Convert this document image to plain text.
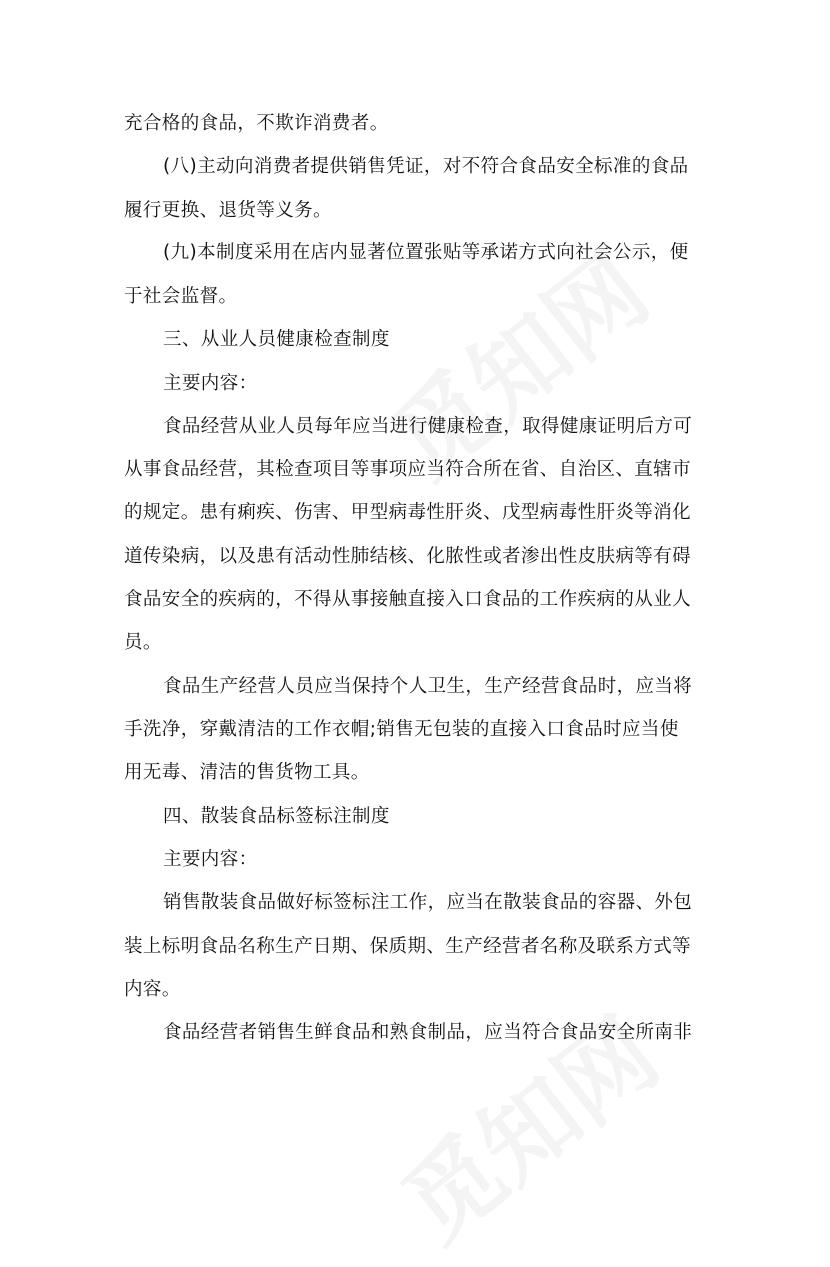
充合格的食品，不欺诈消费者。
(八)主动向消费者提供销售凭证，对不符合食品安全标准的食品
履行更换、退货等义务。
(九)本制度采用在店内显著位置张贴等承诺方式向社会公示，便
于社会监督。
三、从业人员健康检查制度
主要内容：
食品经营从业人员每年应当进行健康检查，取得健康证明后方可
从事食品经营，其检查项目等事项应当符合所在省、自治区、直辖市
的规定。患有痢疾、伤害、甲型病毒性肝炎、戊型病毒性肝炎等消化
道传染病，以及患有活动性肺结核、化脓性或者渗出性皮肤病等有碍
食品安全的疾病的，不得从事接触直接入口食品的工作疾病的从业人
员。
食品生产经营人员应当保持个人卫生，生产经营食品时，应当将
手洗净，穿戴清洁的工作衣帽;销售无包装的直接入口食品时应当使
用无毒、清洁的售货物工具。
四、散装食品标签标注制度
主要内容：
销售散装食品做好标签标注工作，应当在散装食品的容器、外包
装上标明食品名称生产日期、保质期、生产经营者名称及联系方式等
内容。
食品经营者销售生鲜食品和熟食制品，应当符合食品安全所南非
